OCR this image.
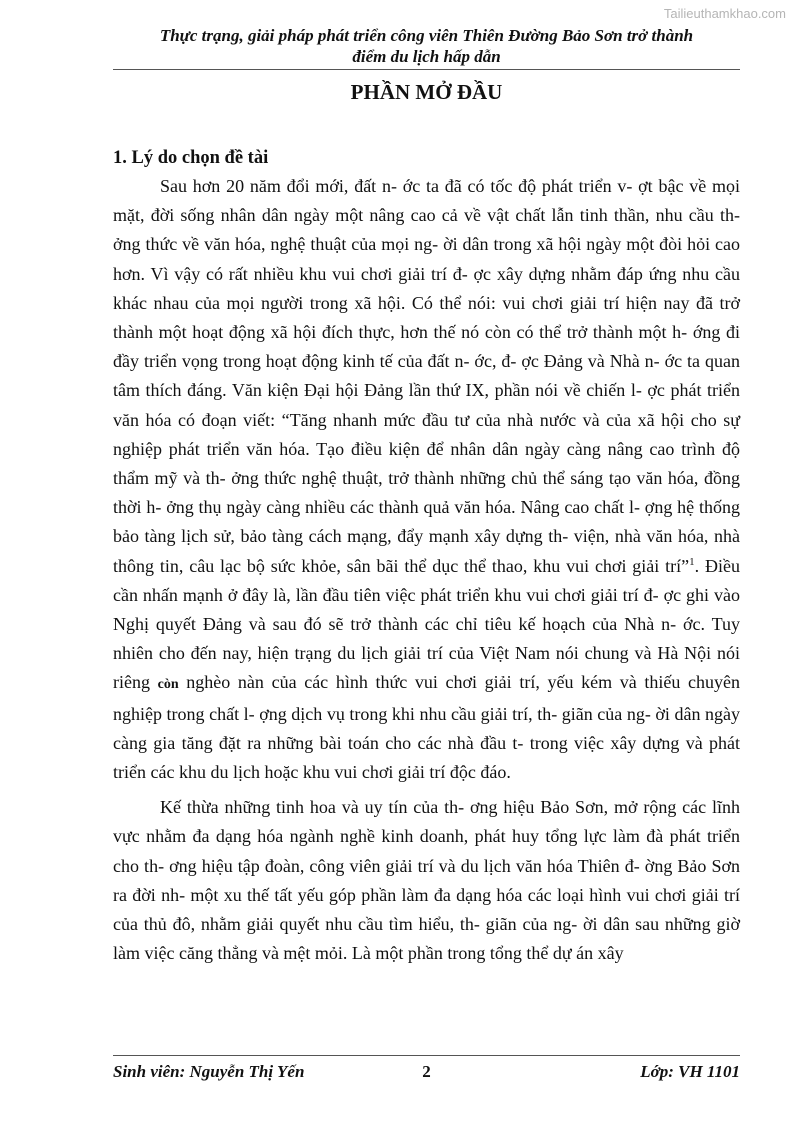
Tailieuthamkhao.com
Thực trạng, giải pháp phát triển công viên Thiên Đường Bảo Sơn trở thành
điểm du lịch hấp dẫn
PHẦN MỞ ĐẦU
1. Lý do chọn đề tài

Sau hơn 20 năm đổi mới, đất n- ớc ta đã có tốc độ phát triển v- ợt bậc về mọi mặt, đời sống nhân dân ngày một nâng cao cả về vật chất lẫn tinh thần, nhu cầu th- ởng thức về văn hóa, nghệ thuật của mọi ng- ời dân trong xã hội ngày một đòi hỏi cao hơn. Vì vậy có rất nhiều khu vui chơi giải trí đ- ợc xây dựng nhằm đáp ứng nhu cầu khác nhau của mọi người trong xã hội. Có thể nói: vui chơi giải trí hiện nay đã trở thành một hoạt động xã hội đích thực, hơn thế nó còn có thể trở thành một h- ớng đi đầy triển vọng trong hoạt động kinh tế của đất n- ớc, đ- ợc Đảng và Nhà n- ớc ta quan tâm thích đáng. Văn kiện Đại hội Đảng lần thứ IX, phần nói về chiến l- ợc phát triển văn hóa có đoạn viết: “Tăng nhanh mức đầu tư của nhà nước và của xã hội cho sự nghiệp phát triển văn hóa. Tạo điều kiện để nhân dân ngày càng nâng cao trình độ thẩm mỹ và th- ởng thức nghệ thuật, trở thành những chủ thể sáng tạo văn hóa, đồng thời h- ởng thụ ngày càng nhiều các thành quả văn hóa. Nâng cao chất l- ợng hệ thống bảo tàng lịch sử, bảo tàng cách mạng, đẩy mạnh xây dựng th- viện, nhà văn hóa, nhà thông tin, câu lạc bộ sức khỏe, sân bãi thể dục thể thao, khu vui chơi giải trí”$^1$. Điều cần nhấn mạnh ở đây là, lần đầu tiên việc phát triển khu vui chơi giải trí đ- ợc ghi vào Nghị quyết Đảng và sau đó sẽ trở thành các chỉ tiêu kế hoạch của Nhà n- ớc. Tuy nhiên cho đến nay, hiện trạng du lịch giải trí của Việt Nam nói chung và Hà Nội nói riêng còn nghèo nàn của các hình thức vui chơi giải trí, yếu kém và thiếu chuyên nghiệp trong chất l- ợng dịch vụ trong khi nhu cầu giải trí, th- giãn của ng- ời dân ngày càng gia tăng đặt ra những bài toán cho các nhà đầu t- trong việc xây dựng và phát triển các khu du lịch hoặc khu vui chơi giải trí độc đáo.

Kế thừa những tinh hoa và uy tín của th- ơng hiệu Bảo Sơn, mở rộng các lĩnh vực nhằm đa dạng hóa ngành nghề kinh doanh, phát huy tổng lực làm đà phát triển cho th- ơng hiệu tập đoàn, công viên giải trí và du lịch văn hóa Thiên đ- ờng Bảo Sơn ra đời nh- một xu thế tất yếu góp phần làm đa dạng hóa các loại hình vui chơi giải trí của thủ đô, nhằm giải quyết nhu cầu tìm hiểu, th- giãn của ng- ời dân sau những giờ làm việc căng thẳng và mệt mỏi. Là một phần trong tổng thể dự án xây

Sinh viên: Nguyễn Thị Yến	2	Lớp: VH 1101
